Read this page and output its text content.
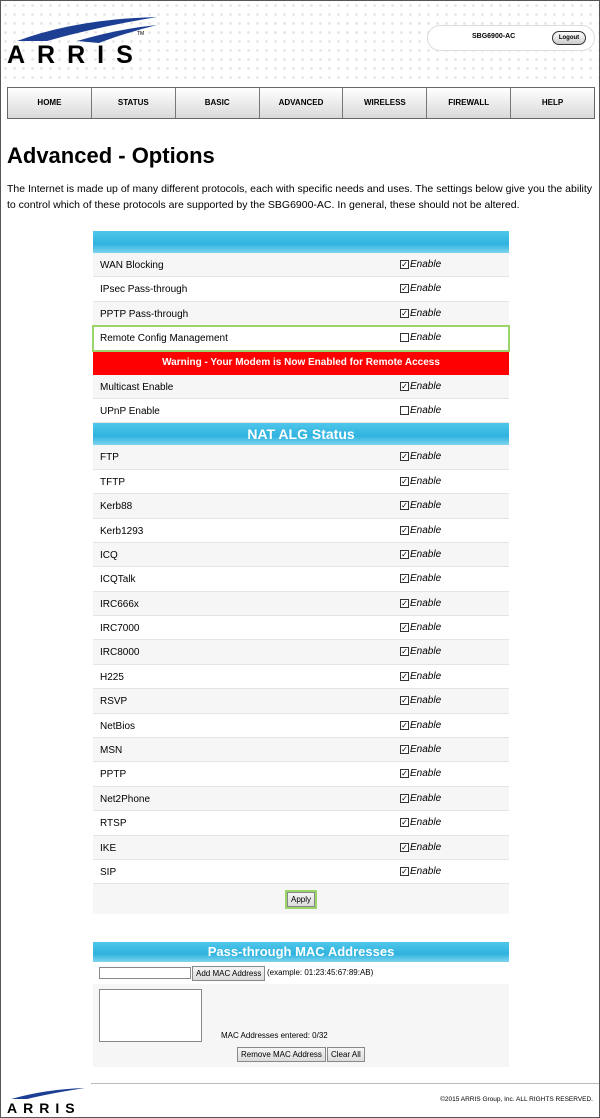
ARRIS
TM	SBG6900-AC	Logout
HOME	STATUS	BASIC	ADVANCED	WIRELESS	FIREWALL	HELP
Advanced - Options
The Internet is made up of many different protocols, each with specific needs and uses. The settings below give you the ability to control which of these protocols are supported by the SBG6900-AC. In general, these should not be altered.
WAN Blocking	✓ Enable
IPsec Pass-through	✓ Enable
PPTP Pass-through	✓ Enable
Remote Config Management	Enable
Warning - Your Modem is Now Enabled for Remote Access
Multicast Enable	✓ Enable
UPnP Enable	Enable
NAT ALG Status
FTP	✓ Enable
TFTP	✓ Enable
Kerb88	✓ Enable
Kerb1293	✓ Enable
ICQ	✓ Enable
ICQTalk	✓ Enable
IRC666x	✓ Enable
IRC7000	✓ Enable
IRC8000	✓ Enable
H225	✓ Enable
RSVP	✓ Enable
NetBios	✓ Enable
MSN	✓ Enable
PPTP	✓ Enable
Net2Phone	✓ Enable
RTSP	✓ Enable
IKE	✓ Enable
SIP	✓ Enable
Apply
Pass-through MAC Addresses
Add MAC Address (example: 01:23:45:67:89:AB)
MAC Addresses entered: 0/32
Remove MAC Address	Clear All
ARRIS
©2015 ARRIS Group, Inc. ALL RIGHTS RESERVED.
